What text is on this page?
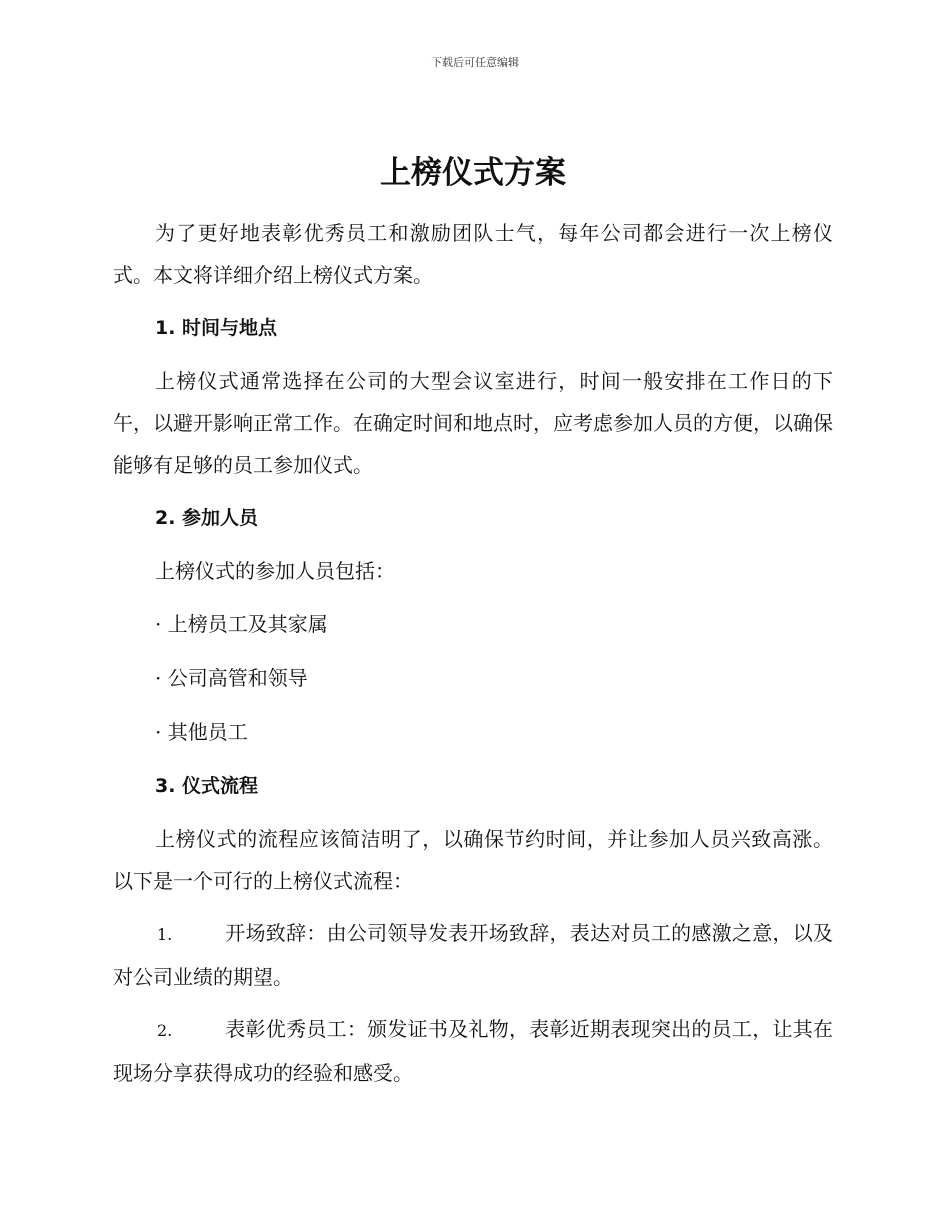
下载后可任意编辑
上榜仪式方案

为了更好地表彰优秀员工和激励团队士气，每年公司都会进行一次上榜仪式。本文将详细介绍上榜仪式方案。

1. 时间与地点

上榜仪式通常选择在公司的大型会议室进行，时间一般安排在工作日的下午，以避开影响正常工作。在确定时间和地点时，应考虑参加人员的方便，以确保能够有足够的员工参加仪式。

2. 参加人员

上榜仪式的参加人员包括：

· 上榜员工及其家属
· 公司高管和领导
· 其他员工
3. 仪式流程

上榜仪式的流程应该简洁明了，以确保节约时间，并让参加人员兴致高涨。以下是一个可行的上榜仪式流程：

1.	开场致辞：由公司领导发表开场致辞，表达对员工的感激之意，以及对公司业绩的期望。

2.	表彰优秀员工：颁发证书及礼物，表彰近期表现突出的员工，让其在现场分享获得成功的经验和感受。
